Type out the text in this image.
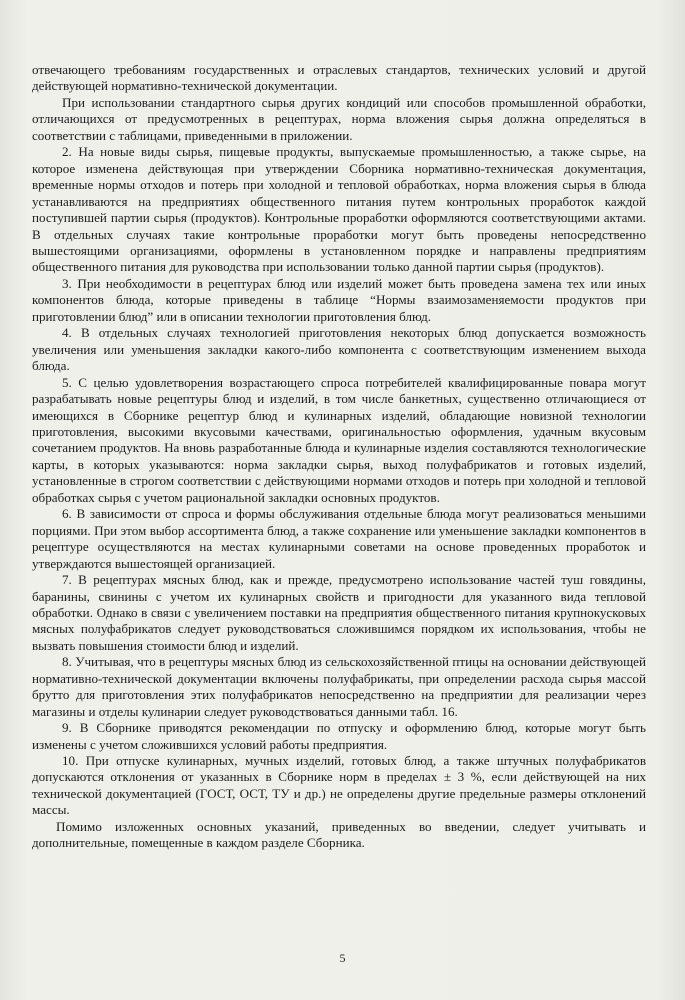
отвечающего требованиям государственных и отраслевых стандартов, технических условий и другой действующей нормативно-технической документации.

При использовании стандартного сырья других кондиций или способов промышленной обработки, отличающихся от предусмотренных в рецептурах, норма вложения сырья должна определяться в соответствии с таблицами, приведенными в приложении.

2. На новые виды сырья, пищевые продукты, выпускаемые промышленностью, а также сырье, на которое изменена действующая при утверждении Сборника нормативно-техническая документация, временные нормы отходов и потерь при холодной и тепловой обработках, норма вложения сырья в блюда устанавливаются на предприятиях общественного питания путем контрольных проработок каждой поступившей партии сырья (продуктов). Контрольные проработки оформляются соответствующими актами. В отдельных случаях такие контрольные проработки могут быть проведены непосредственно вышестоящими организациями, оформлены в установленном порядке и направлены предприятиям общественного питания для руководства при использовании только данной партии сырья (продуктов).

3. При необходимости в рецептурах блюд или изделий может быть проведена замена тех или иных компонентов блюда, которые приведены в таблице “Нормы взаимозаменяемости продуктов при приготовлении блюд” или в описании технологии приготовления блюд.

4. В отдельных случаях технологией приготовления некоторых блюд допускается возможность увеличения или уменьшения закладки какого-либо компонента с соответствующим изменением выхода блюда.

5. С целью удовлетворения возрастающего спроса потребителей квалифицированные повара могут разрабатывать новые рецептуры блюд и изделий, в том числе банкетных, существенно отличающиеся от имеющихся в Сборнике рецептур блюд и кулинарных изделий, обладающие новизной технологии приготовления, высокими вкусовыми качествами, оригинальностью оформления, удачным вкусовым сочетанием продуктов. На вновь разработанные блюда и кулинарные изделия составляются технологические карты, в которых указываются: норма закладки сырья, выход полуфабрикатов и готовых изделий, установленные в строгом соответствии с действующими нормами отходов и потерь при холодной и тепловой обработках сырья с учетом рациональной закладки основных продуктов.

6. В зависимости от спроса и формы обслуживания отдельные блюда могут реализоваться меньшими порциями. При этом выбор ассортимента блюд, а также сохранение или уменьшение закладки компонентов в рецептуре осуществляются на местах кулинарными советами на основе проведенных проработок и утверждаются вышестоящей организацией.

7. В рецептурах мясных блюд, как и прежде, предусмотрено использование частей туш говядины, баранины, свинины с учетом их кулинарных свойств и пригодности для указанного вида тепловой обработки. Однако в связи с увеличением поставки на предприятия общественного питания крупнокусковых мясных полуфабрикатов следует руководствоваться сложившимся порядком их использования, чтобы не вызвать повышения стоимости блюд и изделий.

8. Учитывая, что в рецептуры мясных блюд из сельскохозяйственной птицы на основании действующей нормативно-технической документации включены полуфабрикаты, при определении расхода сырья массой брутто для приготовления этих полуфабрикатов непосредственно на предприятии для реализации через магазины и отделы кулинарии следует руководствоваться данными табл. 16.

9. В Сборнике приводятся рекомендации по отпуску и оформлению блюд, которые могут быть изменены с учетом сложившихся условий работы предприятия.

10. При отпуске кулинарных, мучных изделий, готовых блюд, а также штучных полуфабрикатов допускаются отклонения от указанных в Сборнике норм в пределах ± 3 %, если действующей на них технической документацией (ГОСТ, ОСТ, ТУ и др.) не определены другие предельные размеры отклонений массы.

Помимо изложенных основных указаний, приведенных во введении, следует учитывать и дополнительные, помещенные в каждом разделе Сборника.

5
